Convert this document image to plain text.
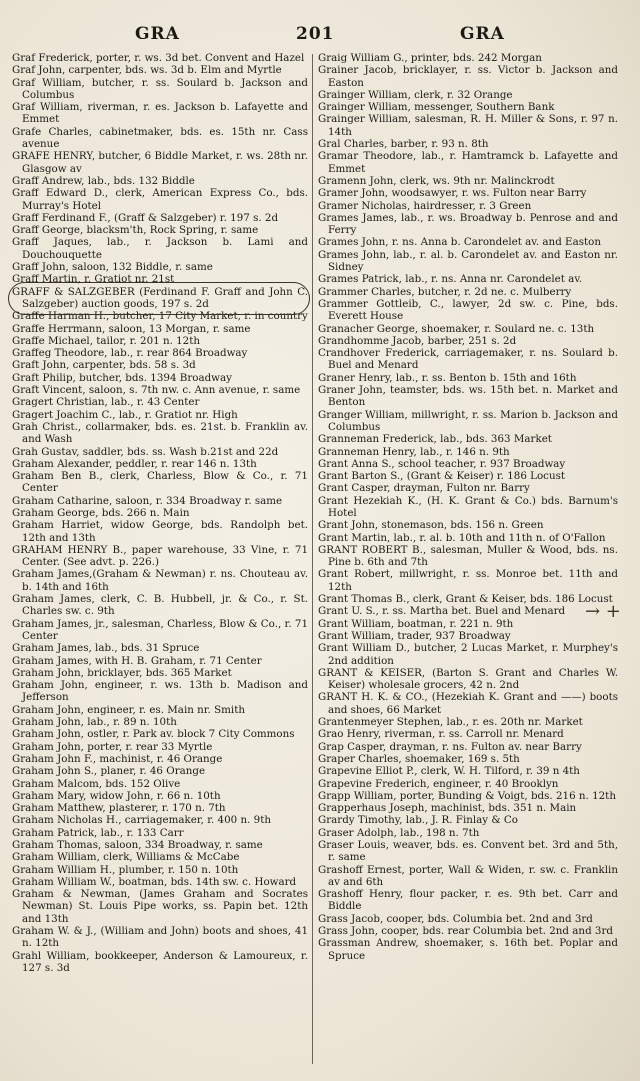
GRA	201	GRA

Graf Frederick, porter, r. ws. 3d bet. Convent and Hazel

Graf John, carpenter, bds. ws. 3d b. Elm and Myrtle

Graf William, butcher, r. ss. Soulard b. Jackson and Columbus

Graf William, riverman, r. es. Jackson b. Lafayette and Emmet

Grafe Charles, cabinetmaker, bds. es. 15th nr. Cass avenue

GRAFE HENRY, butcher, 6 Biddle Market, r. ws. 28th nr. Glasgow av

Graff Andrew, lab., bds. 132 Biddle

Graff Edward D., clerk, American Express Co., bds. Murray's Hotel

Graff Ferdinand F., (Graff & Salzgeber) r. 197 s. 2d

Graff George, blacksm'th, Rock Spring, r. same

Graff Jaques, lab., r. Jackson b. Lami and Douchouquette

Graff John, saloon, 132 Biddle, r. same

Graff Martin, r. Gratiot nr. 21st

GRAFF & SALZGEBER (Ferdinand F. Graff and John C. Salzgeber) auction goods, 197 s. 2d

Graffe Harman H., butcher, 17 City Market, r. in country

Graffe Herrmann, saloon, 13 Morgan, r. same

Graffe Michael, tailor, r. 201 n. 12th

Graffeg Theodore, lab., r. rear 864 Broadway

Graft John, carpenter, bds. 58 s. 3d

Graft Philip, butcher, bds. 1394 Broadway

Graft Vincent, saloon, s. 7th nw. c. Ann avenue, r. same

Gragert Christian, lab., r. 43 Center

Gragert Joachim C., lab., r. Gratiot nr. High

Grah Christ., collarmaker, bds. es. 21st. b. Franklin av. and Wash

Grah Gustav, saddler, bds. ss. Wash b.21st and 22d

Graham Alexander, peddler, r. rear 146 n. 13th

Graham Ben B., clerk, Charless, Blow & Co., r. 71 Center

Graham Catharine, saloon, r. 334 Broadway r. same

Graham George, bds. 266 n. Main

Graham Harriet, widow George, bds. Randolph bet. 12th and 13th

GRAHAM HENRY B., paper warehouse, 33 Vine, r. 71 Center. (See advt. p. 226.)

Graham James,(Graham & Newman) r. ns. Chouteau av. b. 14th and 16th

Graham James, clerk, C. B. Hubbell, jr. & Co., r. St. Charles sw. c. 9th

Graham James, jr., salesman, Charless, Blow & Co., r. 71 Center

Graham James, lab., bds. 31 Spruce

Graham James, with H. B. Graham, r. 71 Center

Graham John, bricklayer, bds. 365 Market

Graham John, engineer, r. ws. 13th b. Madison and Jefferson

Graham John, engineer, r. es. Main nr. Smith

Graham John, lab., r. 89 n. 10th

Graham John, ostler, r. Park av. block 7 City Commons

Graham John, porter, r. rear 33 Myrtle

Graham John F., machinist, r. 46 Orange

Graham John S., planer, r. 46 Orange

Graham Malcom, bds. 152 Olive

Graham Mary, widow John, r. 66 n. 10th

Graham Matthew, plasterer, r. 170 n. 7th

Graham Nicholas H., carriagemaker, r. 400 n. 9th

Graham Patrick, lab., r. 133 Carr

Graham Thomas, saloon, 334 Broadway, r. same

Graham William, clerk, Williams & McCabe

Graham William H., plumber, r. 150 n. 10th

Graham William W., boatman, bds. 14th sw. c. Howard

Graham & Newman, (James Graham and Socrates Newman) St. Louis Pipe works, ss. Papin bet. 12th and 13th

Graham W. & J., (William and John) boots and shoes, 41 n. 12th

Grahl William, bookkeeper, Anderson & Lamoureux, r. 127 s. 3d

Graig William G., printer, bds. 242 Morgan

Grainer Jacob, bricklayer, r. ss. Victor b. Jackson and Easton

Grainger William, clerk, r. 32 Orange

Grainger William, messenger, Southern Bank

Grainger William, salesman, R. H. Miller & Sons, r. 97 n. 14th

Gral Charles, barber, r. 93 n. 8th

Gramar Theodore, lab., r. Hamtramck b. Lafayette and Emmet

Gramenn John, clerk, ws. 9th nr. Malinckrodt

Gramer John, woodsawyer, r. ws. Fulton near Barry

Gramer Nicholas, hairdresser, r. 3 Green

Grames James, lab., r. ws. Broadway b. Penrose and and Ferry

Grames John, r. ns. Anna b. Carondelet av. and Easton

Grames John, lab., r. al. b. Carondelet av. and Easton nr. Sidney

Grames Patrick, lab., r. ns. Anna nr. Carondelet av.

Grammer Charles, butcher, r. 2d ne. c. Mulberry

Grammer Gottleib, C., lawyer, 2d sw. c. Pine, bds. Everett House

Granacher George, shoemaker, r. Soulard ne. c. 13th

Grandhomme Jacob, barber, 251 s. 2d

Crandhover Frederick, carriagemaker, r. ns. Soulard b. Buel and Menard

Graner Henry, lab., r. ss. Benton b. 15th and 16th

Graner John, teamster, bds. ws. 15th bet. n. Market and Benton

Granger William, millwright, r. ss. Marion b. Jackson and Columbus

Granneman Frederick, lab., bds. 363 Market

Granneman Henry, lab., r. 146 n. 9th

Grant Anna S., school teacher, r. 937 Broadway

Grant Barton S., (Grant & Keiser) r. 186 Locust

Grant Casper, drayman, Fulton nr. Barry

Grant Hezekiah K., (H. K. Grant & Co.) bds. Barnum's Hotel

Grant John, stonemason, bds. 156 n. Green

Grant Martin, lab., r. al. b. 10th and 11th n. of O'Fallon

GRANT ROBERT B., salesman, Muller & Wood, bds. ns. Pine b. 6th and 7th

Grant Robert, millwright, r. ss. Monroe bet. 11th and 12th

Grant Thomas B., clerk, Grant & Keiser, bds. 186 Locust

Grant U. S., r. ss. Martha bet. Buel and Menard

Grant William, boatman, r. 221 n. 9th

Grant William, trader, 937 Broadway

Grant William D., butcher, 2 Lucas Market, r. Murphey's 2nd addition

GRANT & KEISER, (Barton S. Grant and Charles W. Keiser) wholesale grocers, 42 n. 2nd

GRANT H. K. & CO., (Hezekiah K. Grant and ——) boots and shoes, 66 Market

Grantenmeyer Stephen, lab., r. es. 20th nr. Market

Grao Henry, riverman, r. ss. Carroll nr. Menard

Grap Casper, drayman, r. ns. Fulton av. near Barry

Graper Charles, shoemaker, 169 s. 5th

Grapevine Elliot P., clerk, W. H. Tilford, r. 39 n 4th

Grapevine Frederich, engineer, r. 40 Brooklyn

Grapp William, porter, Bunding & Voigt, bds. 216 n. 12th

Grapperhaus Joseph, machinist, bds. 351 n. Main

Grardy Timothy, lab., J. R. Finlay & Co

Graser Adolph, lab., 198 n. 7th

Graser Louis, weaver, bds. es. Convent bet. 3rd and 5th, r. same

Grashoff Ernest, porter, Wall & Widen, r. sw. c. Franklin av and 6th

Grashoff Henry, flour packer, r. es. 9th bet. Carr and Biddle

Grass Jacob, cooper, bds. Columbia bet. 2nd and 3rd

Grass John, cooper, bds. rear Columbia bet. 2nd and 3rd

Grassman Andrew, shoemaker, s. 16th bet. Poplar and Spruce

→ +
